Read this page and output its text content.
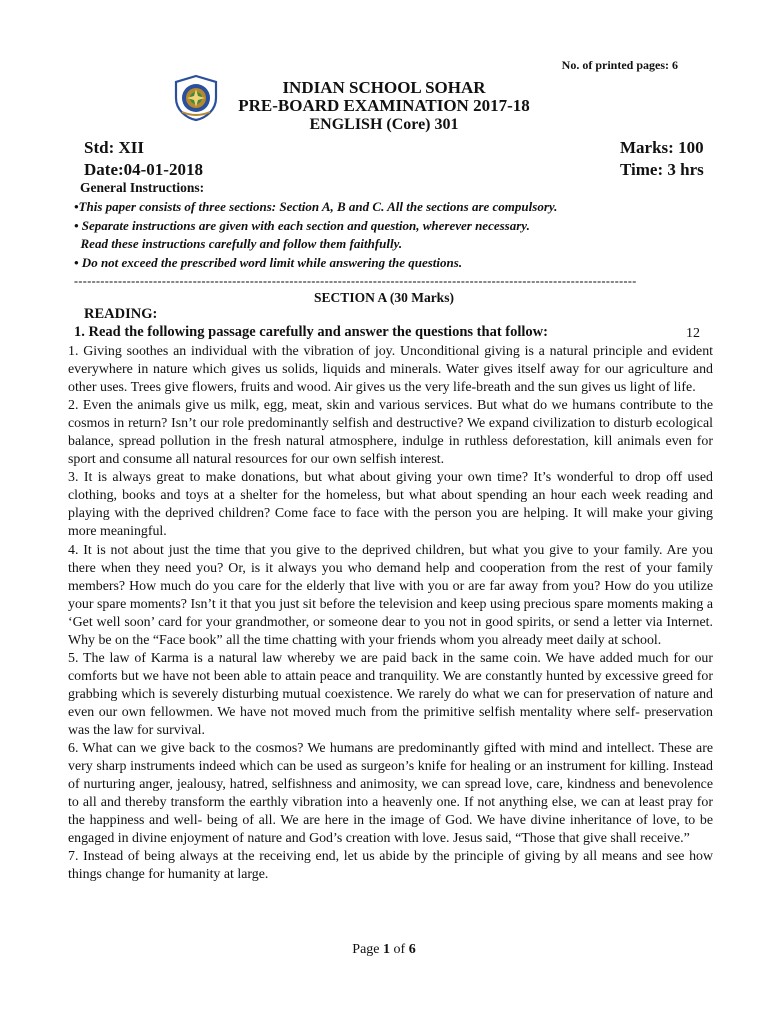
No. of printed pages: 6
INDIAN SCHOOL SOHAR
PRE-BOARD EXAMINATION 2017-18
ENGLISH (Core) 301
Std: XII	Marks: 100
Date:04-01-2018	Time: 3 hrs
General Instructions:
•This paper consists of three sections: Section A, B and C. All the sections are compulsory.
• Separate instructions are given with each section and question, wherever necessary.
Read these instructions carefully and follow them faithfully.
• Do not exceed the prescribed word limit while answering the questions.
--------------------------------------------------------------------------------------------------------------------------------
SECTION A (30 Marks)
READING:
1. Read the following passage carefully and answer the questions that follow:	12

1. Giving soothes an individual with the vibration of joy. Unconditional giving is a natural principle and evident everywhere in nature which gives us solids, liquids and minerals. Water gives itself away for our agriculture and other uses. Trees give flowers, fruits and wood. Air gives us the very life-breath and the sun gives us light of life.

2. Even the animals give us milk, egg, meat, skin and various services. But what do we humans contribute to the cosmos in return? Isn’t our role predominantly selfish and destructive? We expand civilization to disturb ecological balance, spread pollution in the fresh natural atmosphere, indulge in ruthless deforestation, kill animals even for sport and consume all natural resources for our own selfish interest.

3. It is always great to make donations, but what about giving your own time? It’s wonderful to drop off used clothing, books and toys at a shelter for the homeless, but what about spending an hour each week reading and playing with the deprived children? Come face to face with the person you are helping. It will make your giving more meaningful.

4. It is not about just the time that you give to the deprived children, but what you give to your family. Are you there when they need you? Or, is it always you who demand help and cooperation from the rest of your family members? How much do you care for the elderly that live with you or are far away from you? How do you utilize your spare moments? Isn’t it that you just sit before the television and keep using precious spare moments making a ‘Get well soon’ card for your grandmother, or someone dear to you not in good spirits, or send a letter via Internet. Why be on the “Face book” all the time chatting with your friends whom you already meet daily at school.

5. The law of Karma is a natural law whereby we are paid back in the same coin. We have added much for our comforts but we have not been able to attain peace and tranquility. We are constantly hunted by excessive greed for grabbing which is severely disturbing mutual coexistence. We rarely do what we can for preservation of nature and even our own fellowmen. We have not moved much from the primitive selfish mentality where self- preservation was the law for survival.

6. What can we give back to the cosmos? We humans are predominantly gifted with mind and intellect. These are very sharp instruments indeed which can be used as surgeon’s knife for healing or an instrument for killing. Instead of nurturing anger, jealousy, hatred, selfishness and animosity, we can spread love, care, kindness and benevolence to all and thereby transform the earthly vibration into a heavenly one. If not anything else, we can at least pray for the happiness and well- being of all. We are here in the image of God. We have divine inheritance of love, to be engaged in divine enjoyment of nature and God’s creation with love. Jesus said, “Those that give shall receive.”

7. Instead of being always at the receiving end, let us abide by the principle of giving by all means and see how things change for humanity at large.

Page 1 of 6
